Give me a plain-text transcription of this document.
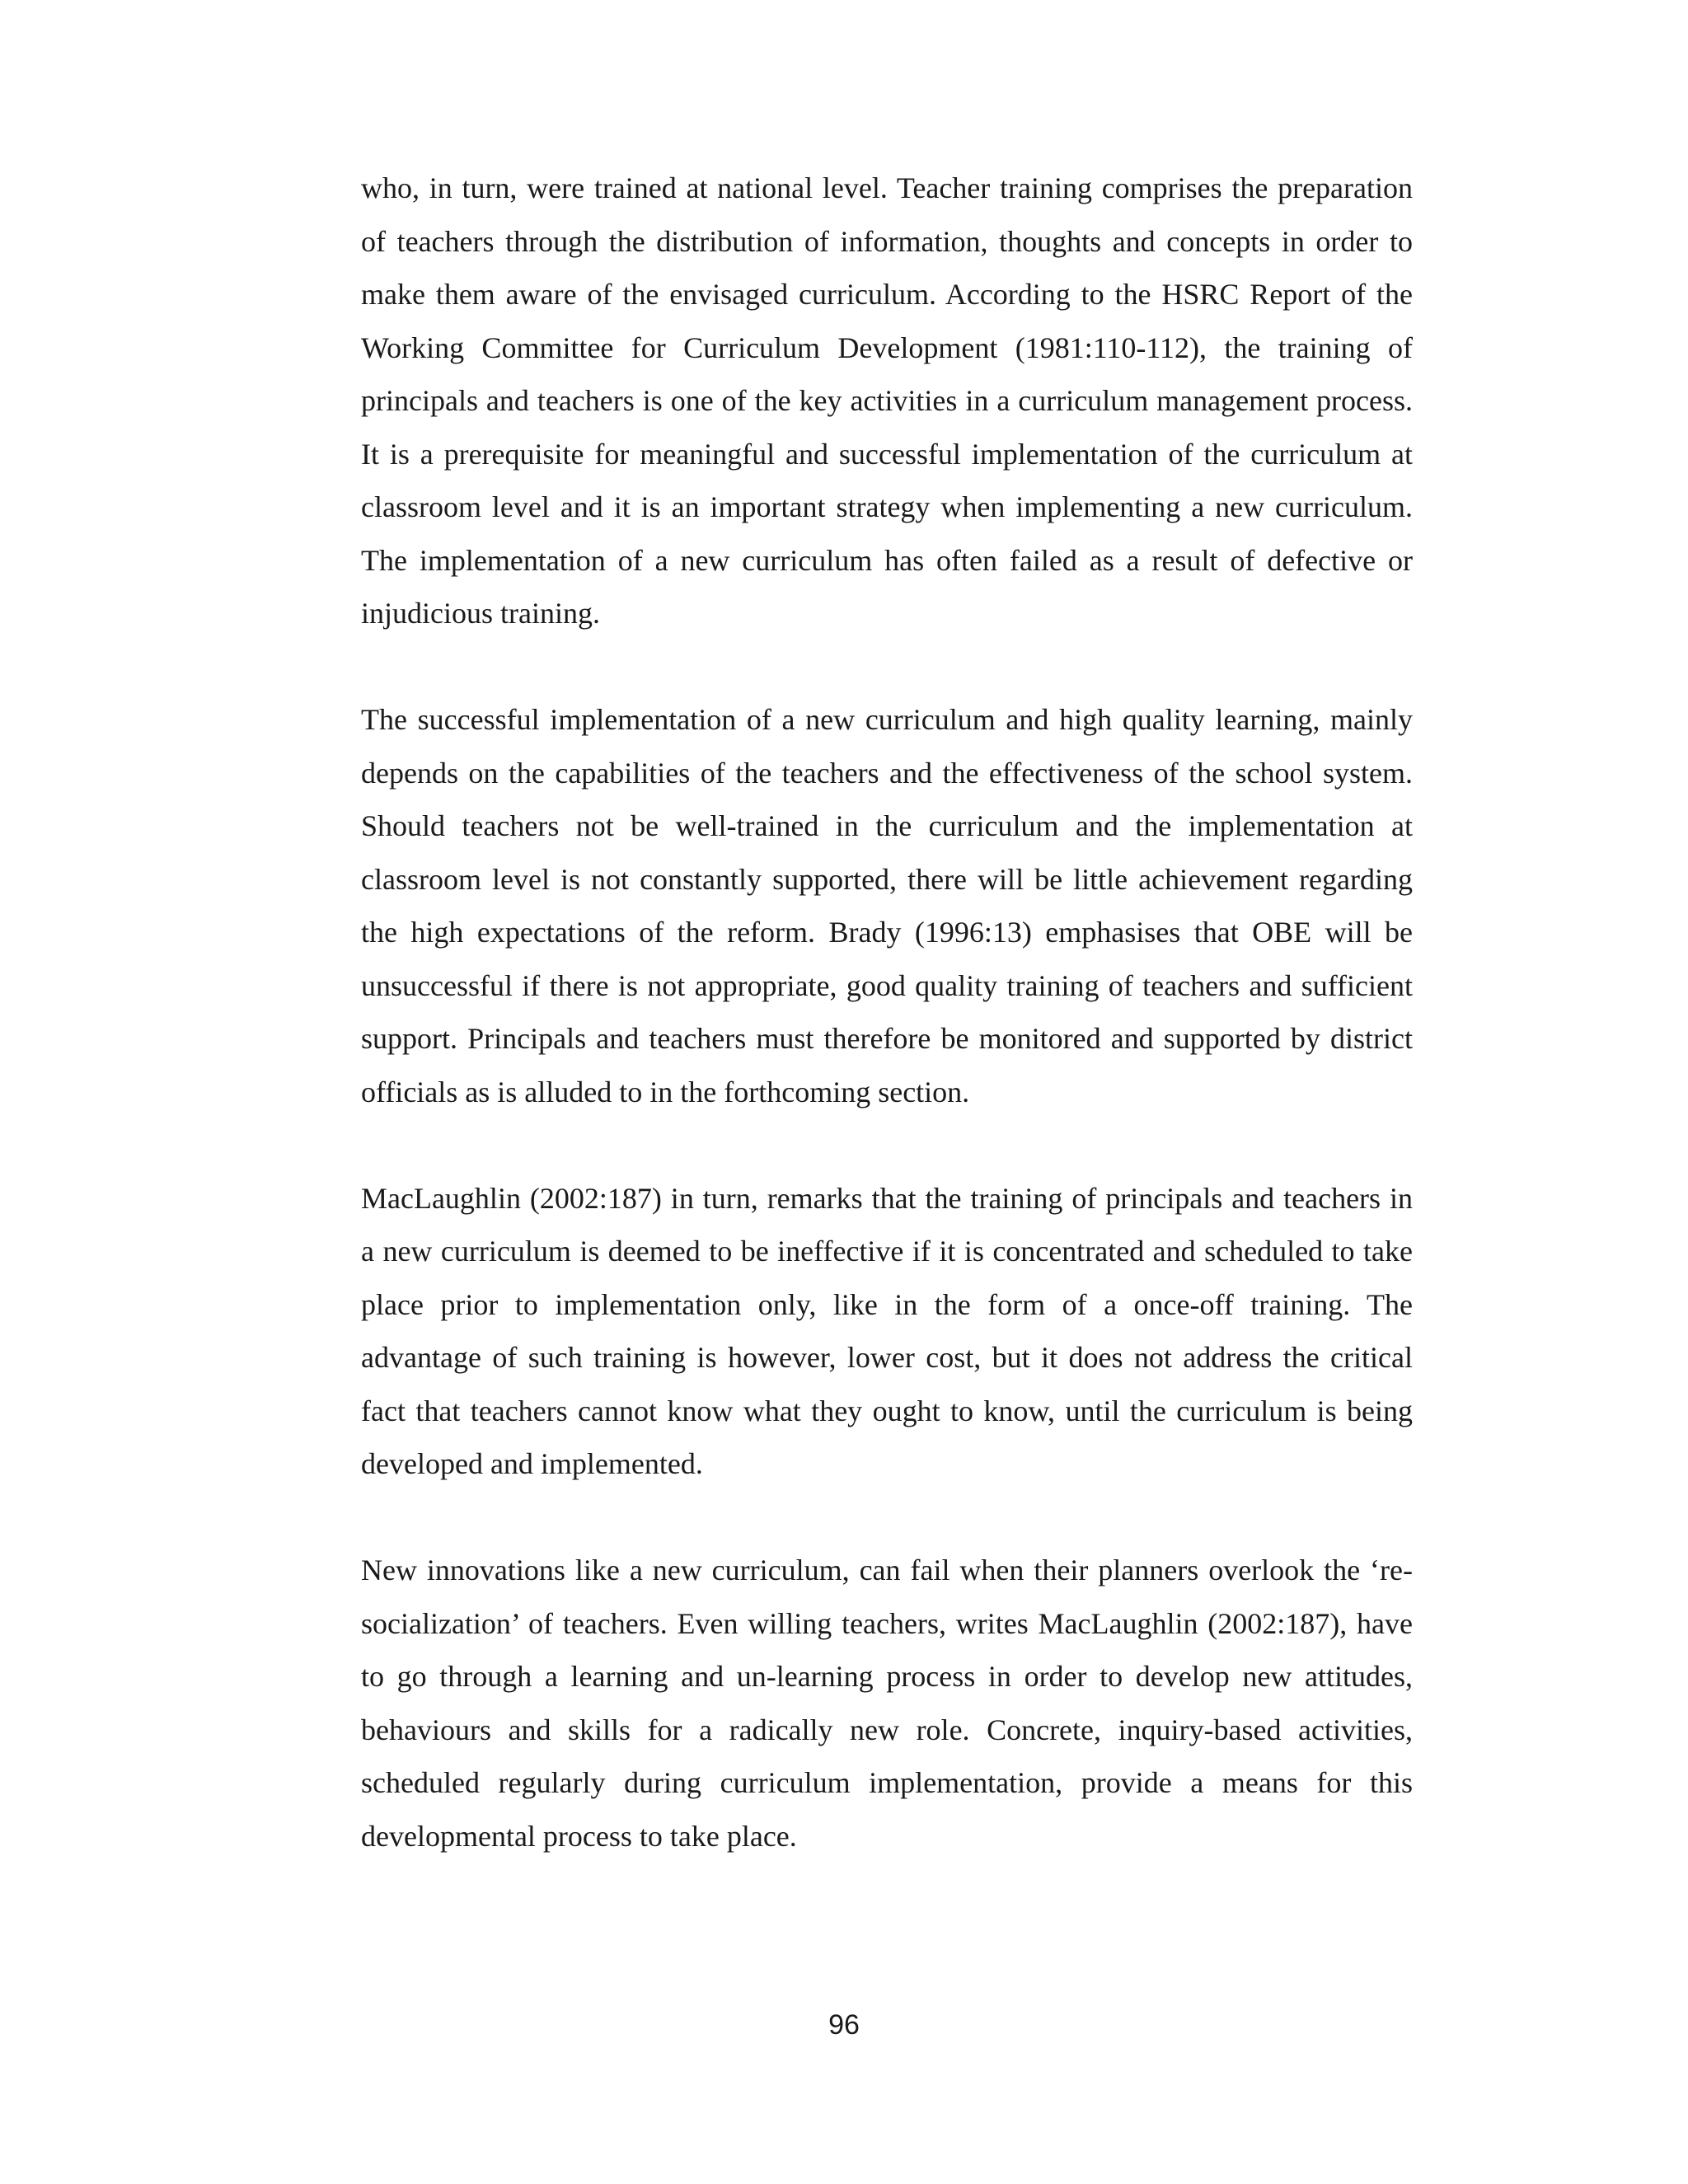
who, in turn, were trained at national level. Teacher training comprises the preparation of teachers through the distribution of information, thoughts and concepts in order to make them aware of the envisaged curriculum. According to the HSRC Report of the Working Committee for Curriculum Development (1981:110-112), the training of principals and teachers is one of the key activities in a curriculum management process. It is a prerequisite for meaningful and successful implementation of the curriculum at classroom level and it is an important strategy when implementing a new curriculum. The implementation of a new curriculum has often failed as a result of defective or injudicious training.

The successful implementation of a new curriculum and high quality learning, mainly depends on the capabilities of the teachers and the effectiveness of the school system. Should teachers not be well-trained in the curriculum and the implementation at classroom level is not constantly supported, there will be little achievement regarding the high expectations of the reform. Brady (1996:13) emphasises that OBE will be unsuccessful if there is not appropriate, good quality training of teachers and sufficient support. Principals and teachers must therefore be monitored and supported by district officials as is alluded to in the forthcoming section.

MacLaughlin (2002:187) in turn, remarks that the training of principals and teachers in a new curriculum is deemed to be ineffective if it is concentrated and scheduled to take place prior to implementation only, like in the form of a once-off training. The advantage of such training is however, lower cost, but it does not address the critical fact that teachers cannot know what they ought to know, until the curriculum is being developed and implemented.

New innovations like a new curriculum, can fail when their planners overlook the ‘re-socialization’ of teachers. Even willing teachers, writes MacLaughlin (2002:187), have to go through a learning and un-learning process in order to develop new attitudes, behaviours and skills for a radically new role. Concrete, inquiry-based activities, scheduled regularly during curriculum implementation, provide a means for this developmental process to take place.

96
